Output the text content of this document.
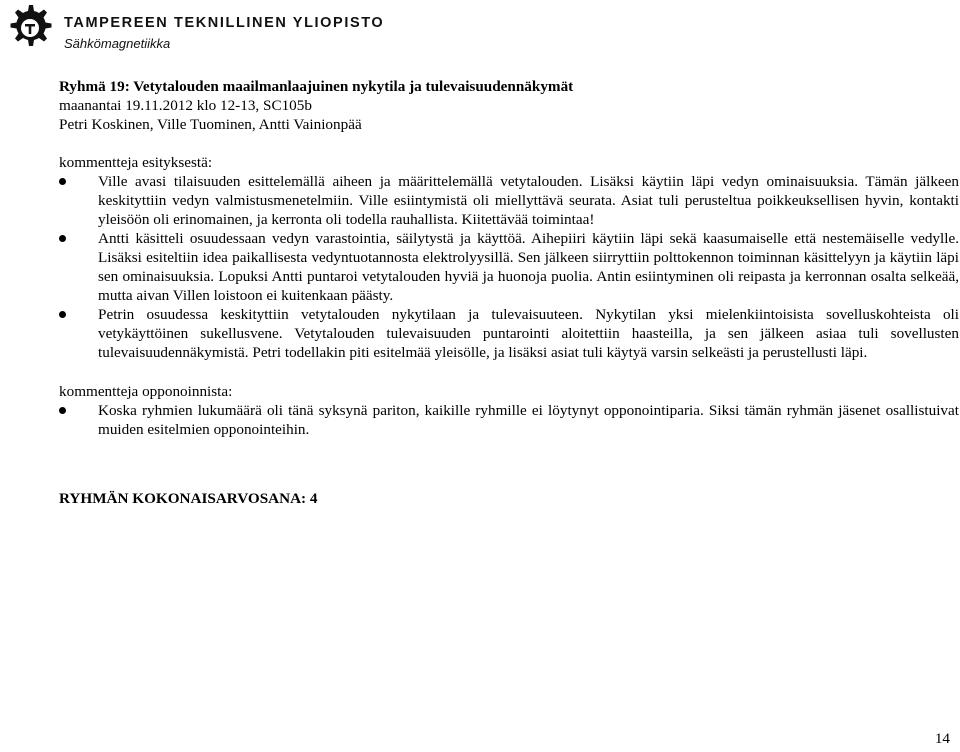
TAMPEREEN TEKNILLINEN YLIOPISTO
Sähkömagnetiikka

Ryhmä 19: Vetytalouden maailmanlaajuinen nykytila ja tulevaisuudennäkymät

maanantai 19.11.2012 klo 12-13, SC105b

Petri Koskinen, Ville Tuominen, Antti Vainionpää

kommentteja esityksestä:

Ville avasi tilaisuuden esittelemällä aiheen ja määrittelemällä vetytalouden. Lisäksi käytiin läpi vedyn ominaisuuksia. Tämän jälkeen keskityttiin vedyn valmistusmenetelmiin. Ville esiintymistä oli miellyttävä seurata. Asiat tuli perusteltua poikkeuksellisen hyvin, kontakti yleisöön oli erinomainen, ja kerronta oli todella rauhallista. Kiitettävää toimintaa!
Antti käsitteli osuudessaan vedyn varastointia, säilytystä ja käyttöä. Aihepiiri käytiin läpi sekä kaasumaiselle että nestemäiselle vedylle. Lisäksi esiteltiin idea paikallisesta vedyntuotannosta elektrolyysillä. Sen jälkeen siirryttiin polttokennon toiminnan käsittelyyn ja käytiin läpi sen ominaisuuksia. Lopuksi Antti puntaroi vetytalouden hyviä ja huonoja puolia. Antin esiintyminen oli reipasta ja kerronnan osalta selkeää, mutta aivan Villen loistoon ei kuitenkaan päästy.
Petrin osuudessa keskityttiin vetytalouden nykytilaan ja tulevaisuuteen. Nykytilan yksi mielenkiintoisista sovelluskohteista oli vetykäyttöinen sukellusvene. Vetytalouden tulevaisuuden puntarointi aloitettiin haasteilla, ja sen jälkeen asiaa tuli sovellusten tulevaisuudennäkymistä. Petri todellakin piti esitelmää yleisölle, ja lisäksi asiat tuli käytyä varsin selkeästi ja perustellusti läpi.

kommentteja opponoinnista:

Koska ryhmien lukumäärä oli tänä syksynä pariton, kaikille ryhmille ei löytynyt opponointiparia. Siksi tämän ryhmän jäsenet osallistuivat muiden esitelmien opponointeihin.

RYHMÄN KOKONAISARVOSANA: 4

14
